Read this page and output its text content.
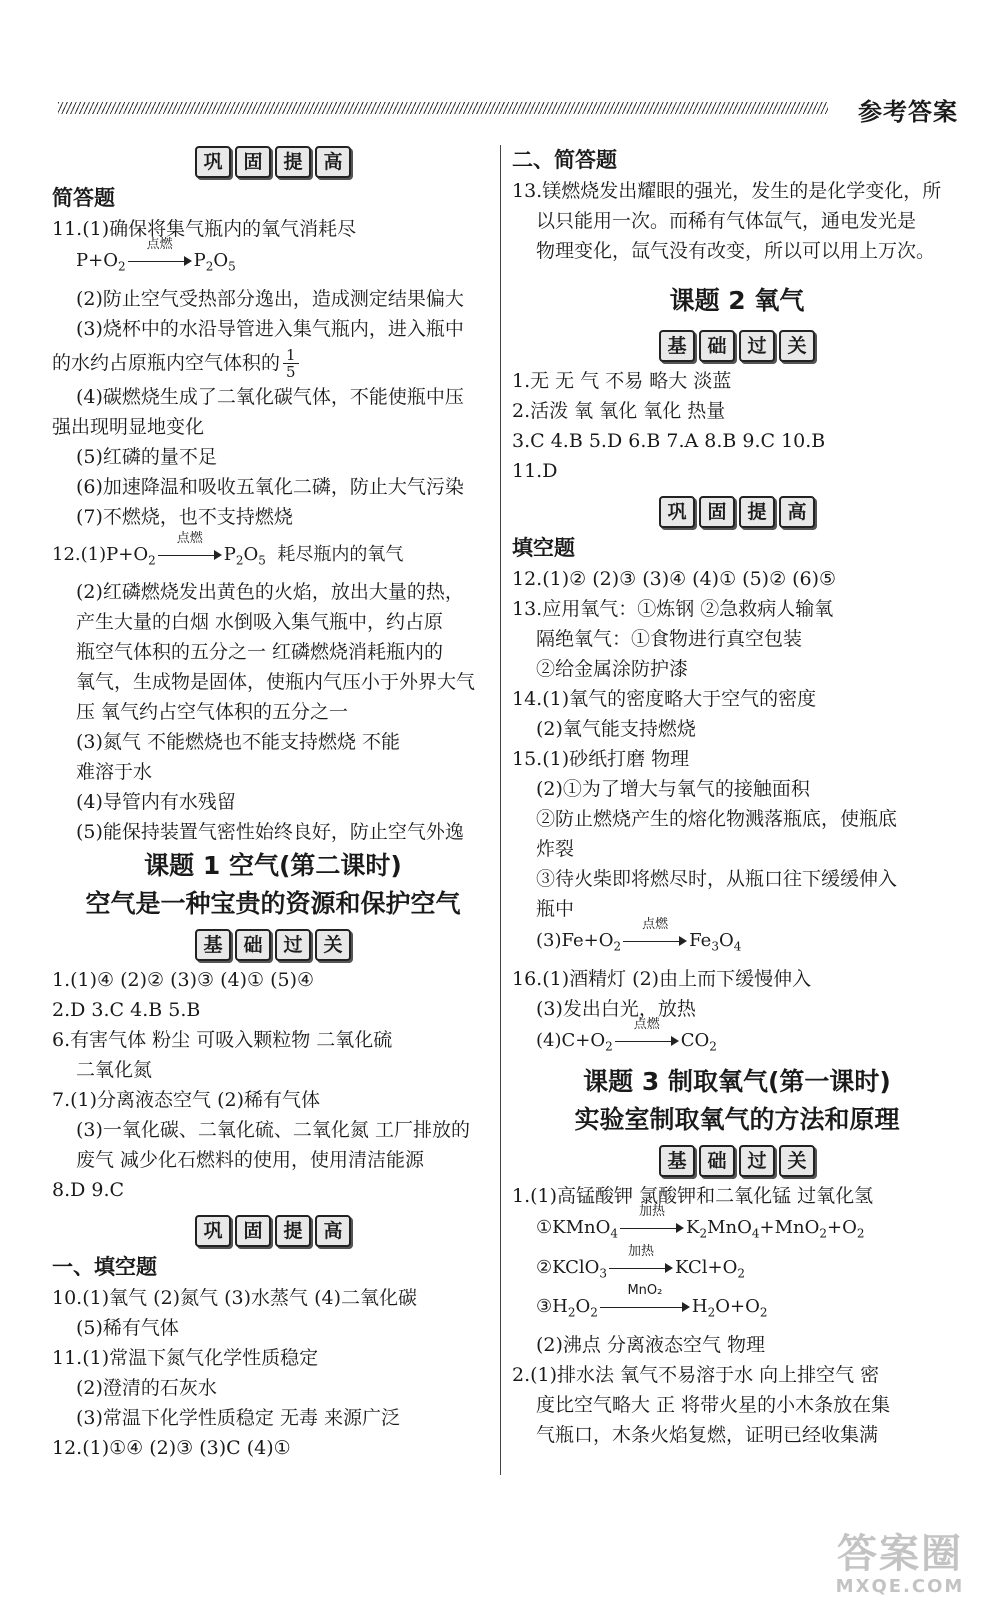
参考答案
巩 固 提 高
简答题
11.(1)确保将集气瓶内的氧气消耗尽
$P+O_2$
点燃
$P_2O_5$
(2)防止空气受热部分逸出，造成测定结果偏大
(3)烧杯中的水沿导管进入集气瓶内，进入瓶中
的水约占原瓶内空气体积的 $\frac{1}{5}$
(4)碳燃烧生成了二氧化碳气体，不能使瓶中压
强出现明显地变化
(5)红磷的量不足
(6)加速降温和吸收五氧化二磷，防止大气污染
(7)不燃烧，也不支持燃烧
$12.(1)P+O_2$
点燃
$P_2O_5$  耗尽瓶内的氧气
(2)红磷燃烧发出黄色的火焰，放出大量的热，
产生大量的白烟 水倒吸入集气瓶中，约占原
瓶空气体积的五分之一 红磷燃烧消耗瓶内的
氧气，生成物是固体，使瓶内气压小于外界大气
压 氧气约占空气体积的五分之一
(3)氮气 不能燃烧也不能支持燃烧 不能
难溶于水
(4)导管内有水残留
(5)能保持装置气密性始终良好，防止空气外逸
课题 1 空气(第二课时)
空气是一种宝贵的资源和保护空气
基 础 过 关
1.(1)④ (2)② (3)③ (4)① (5)④
2.D 3.C 4.B 5.B
6.有害气体 粉尘 可吸入颗粒物 二氧化硫
二氧化氮
7.(1)分离液态空气 (2)稀有气体
(3)一氧化碳、二氧化硫、二氧化氮 工厂排放的
废气 减少化石燃料的使用，使用清洁能源
8.D 9.C
巩 固 提 高
一、填空题
10.(1)氧气 (2)氮气 (3)水蒸气 (4)二氧化碳
(5)稀有气体
11.(1)常温下氮气化学性质稳定
(2)澄清的石灰水
(3)常温下化学性质稳定 无毒 来源广泛
12.(1)①④ (2)③ (3)C (4)①
二、简答题
13.镁燃烧发出耀眼的强光，发生的是化学变化，所
以只能用一次。而稀有气体氙气，通电发光是
物理变化，氙气没有改变，所以可以用上万次。
课题 2 氧气
基 础 过 关
1.无 无 气 不易 略大 淡蓝
2.活泼 氧 氧化 氧化 热量
3.C 4.B 5.D 6.B 7.A 8.B 9.C 10.B
11.D
巩 固 提 高
填空题
12.(1)② (2)③ (3)④ (4)① (5)② (6)⑤
13.应用氧气：①炼钢 ②急救病人输氧
隔绝氧气：①食物进行真空包装
②给金属涂防护漆
14.(1)氧气的密度略大于空气的密度
(2)氧气能支持燃烧
15.(1)砂纸打磨 物理
(2)①为了增大与氧气的接触面积
②防止燃烧产生的熔化物溅落瓶底，使瓶底
炸裂
③待火柴即将燃尽时，从瓶口往下缓缓伸入
瓶中
$(3)Fe+O_2$
点燃
$Fe_3O_4$
16.(1)酒精灯 (2)由上而下缓慢伸入
(3)发出白光，放热
$(4)C+O_2$
点燃
$CO_2$
课题 3 制取氧气(第一课时)
实验室制取氧气的方法和原理
基 础 过 关
1.(1)高锰酸钾 氯酸钾和二氧化锰 过氧化氢
①KMnO$_4$
加热
$K_2MnO_4+MnO_2+O_2$
②KClO$_3$
加热
$KCl+O_2$
$③H_2O_2$
MnO₂
$H_2O+O_2$
(2)沸点 分离液态空气 物理
2.(1)排水法 氧气不易溶于水 向上排空气 密
度比空气略大 正 将带火星的小木条放在集
气瓶口，木条火焰复燃，证明已经收集满
答案圈
MXQE.COM
